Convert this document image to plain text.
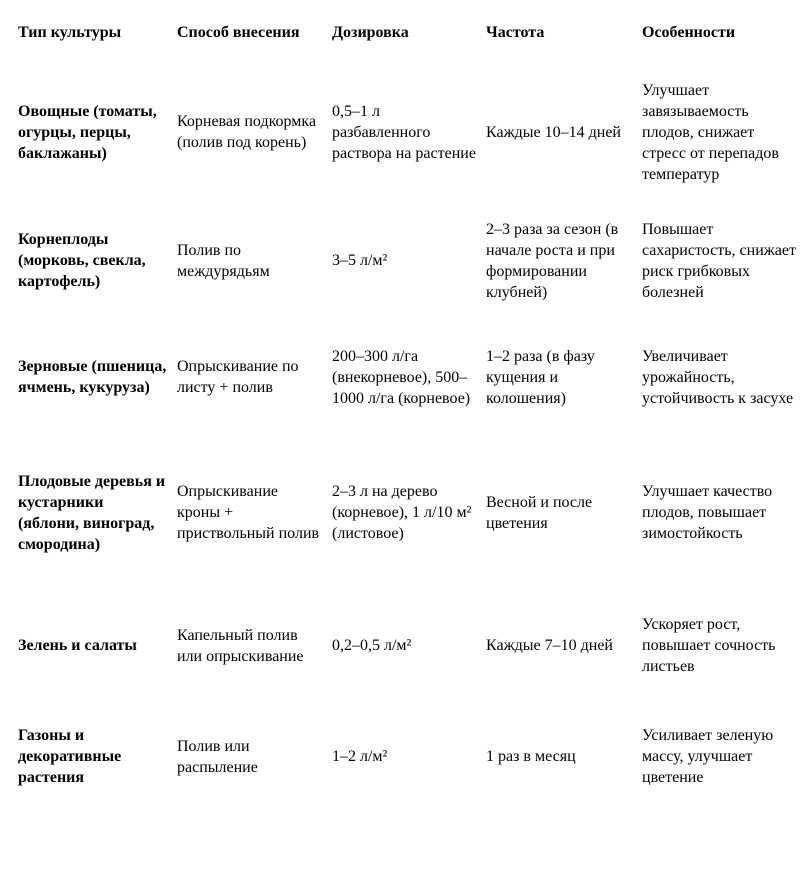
Тип культуры	Способ внесения	Дозировка	Частота	Особенности
Овощные (томаты, огурцы, перцы, баклажаны)	Корневая подкормка (полив под корень)	0,5–1 л разбавленного раствора на растение	Каждые 10–14 дней	Улучшает завязываемость плодов, снижает стресс от перепадов температур
Корнеплоды (морковь, свекла, картофель)	Полив по междурядьям	3–5 л/м²	2–3 раза за сезон (в начале роста и при формировании клубней)	Повышает сахаристость, снижает риск грибковых болезней
Зерновые (пшеница, ячмень, кукуруза)	Опрыскивание по листу + полив	200–300 л/га (внекорневое), 500–1000 л/га (корневое)	1–2 раза (в фазу кущения и колошения)	Увеличивает урожайность, устойчивость к засухе
Плодовые деревья и кустарники (яблони, виноград, смородина)	Опрыскивание кроны + приствольный полив	2–3 л на дерево (корневое), 1 л/10 м² (листовое)	Весной и после цветения	Улучшает качество плодов, повышает зимостойкость
Зелень и салаты	Капельный полив или опрыскивание	0,2–0,5 л/м²	Каждые 7–10 дней	Ускоряет рост, повышает сочность листьев
Газоны и декоративные растения	Полив или распыление	1–2 л/м²	1 раз в месяц	Усиливает зеленую массу, улучшает цветение
